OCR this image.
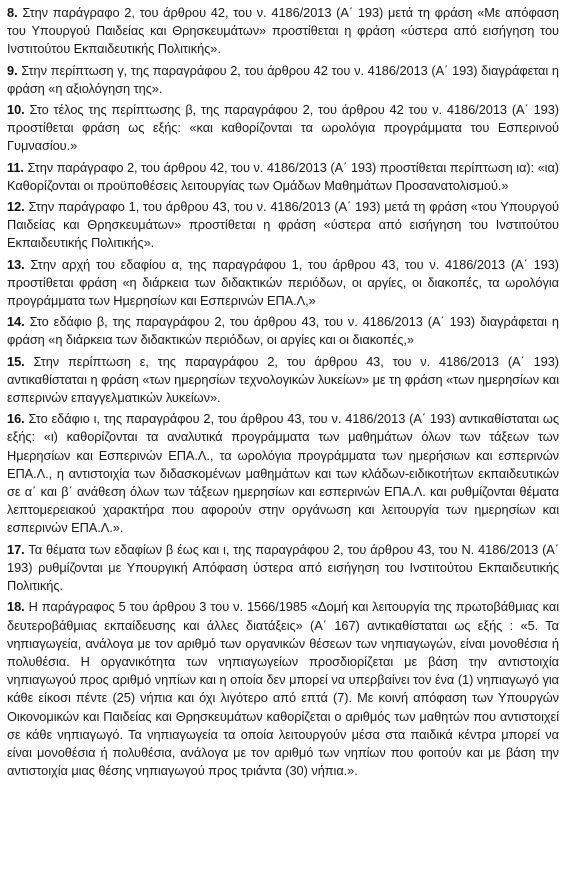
8. Στην παράγραφο 2, του άρθρου 42, του ν. 4186/2013 (Α΄ 193) μετά τη φράση «Με απόφαση του Υπουργού Παιδείας και Θρησκευμάτων» προστίθεται η φράση «ύστερα από εισήγηση του Ινστιτούτου Εκπαιδευτικής Πολιτικής».

9. Στην περίπτωση γ, της παραγράφου 2, του άρθρου 42 του ν. 4186/2013 (Α΄ 193) διαγράφεται η φράση «η αξιολόγηση της».

10. Στο τέλος της περίπτωσης β, της παραγράφου 2, του άρθρου 42 του ν. 4186/2013 (Α΄ 193) προστίθεται φράση ως εξής: «και καθορίζονται τα ωρολόγια προγράμματα του Εσπερινού Γυμνασίου.»

11. Στην παράγραφο 2, του άρθρου 42, του ν. 4186/2013 (Α΄ 193) προστίθεται περίπτωση ια): «ια) Καθορίζονται οι προϋποθέσεις λειτουργίας των Ομάδων Μαθημάτων Προσανατολισμού.»

12. Στην παράγραφο 1, του άρθρου 43, του ν. 4186/2013 (Α΄ 193) μετά τη φράση «του Υπουργού Παιδείας και Θρησκευμάτων» προστίθεται η φράση «ύστερα από εισήγηση του Ινστιτούτου Εκπαιδευτικής Πολιτικής».

13. Στην αρχή του εδαφίου α, της παραγράφου 1, του άρθρου 43, του ν. 4186/2013 (Α΄ 193) προστίθεται φράση «η διάρκεια των διδακτικών περιόδων, οι αργίες, οι διακοπές, τα ωρολόγια προγράμματα των Ημερησίων και Εσπερινών ΕΠΑ.Λ,»

14. Στο εδάφιο β, της παραγράφου 2, του άρθρου 43, του ν. 4186/2013 (Α΄ 193) διαγράφεται η φράση «η διάρκεια των διδακτικών περιόδων, οι αργίες και οι διακοπές,»

15. Στην περίπτωση ε, της παραγράφου 2, του άρθρου 43, του ν. 4186/2013 (Α΄ 193) αντικαθίσταται η φράση «των ημερησίων τεχνολογικών λυκείων» με τη φράση «των ημερησίων και εσπερινών επαγγελματικών λυκείων».

16. Στο εδάφιο ι, της παραγράφου 2, του άρθρου 43, του ν. 4186/2013 (Α΄ 193) αντικαθίσταται ως εξής: «ι) καθορίζονται τα αναλυτικά προγράμματα των μαθημάτων όλων των τάξεων των Ημερησίων και Εσπερινών ΕΠΑ.Λ., τα ωρολόγια προγράμματα των ημερήσιων και εσπερινών ΕΠΑ.Λ., η αντιστοιχία των διδασκομένων μαθημάτων και των κλάδων-ειδικοτήτων εκπαιδευτικών σε α΄ και β΄ ανάθεση όλων των τάξεων ημερησίων και εσπερινών ΕΠΑ.Λ. και ρυθμίζονται θέματα λεπτομερειακού χαρακτήρα που αφορούν στην οργάνωση και λειτουργία των ημερησίων και εσπερινών ΕΠΑ.Λ.».

17. Τα θέματα των εδαφίων β έως και ι, της παραγράφου 2, του άρθρου 43, του Ν. 4186/2013 (Α΄ 193) ρυθμίζονται με Υπουργική Απόφαση ύστερα από εισήγηση του Ινστιτούτου Εκπαιδευτικής Πολιτικής.

18. Η παράγραφος 5 του άρθρου 3 του ν. 1566/1985 «Δομή και λειτουργία της πρωτοβάθμιας και δευτεροβάθμιας εκπαίδευσης και άλλες διατάξεις» (Α΄ 167) αντικαθίσταται ως εξής : «5. Τα νηπιαγωγεία, ανάλογα με τον αριθμό των οργανικών θέσεων των νηπιαγωγών, είναι μονοθέσια ή πολυθέσια. Η οργανικότητα των νηπιαγωγείων προσδιορίζεται με βάση την αντιστοιχία νηπιαγωγού προς αριθμό νηπίων και η οποία δεν μπορεί να υπερβαίνει τον ένα (1) νηπιαγωγό για κάθε είκοσι πέντε (25) νήπια και όχι λιγότερο από επτά (7). Με κοινή απόφαση των Υπουργών Οικονομικών και Παιδείας και Θρησκευμάτων καθορίζεται ο αριθμός των μαθητών που αντιστοιχεί σε κάθε νηπιαγωγό. Τα νηπιαγωγεία τα οποία λειτουργούν μέσα στα παιδικά κέντρα μπορεί να είναι μονοθέσια ή πολυθέσια, ανάλογα με τον αριθμό των νηπίων που φοιτούν και με βάση την αντιστοιχία μιας θέσης νηπιαγωγού προς τριάντα (30) νήπια.».
